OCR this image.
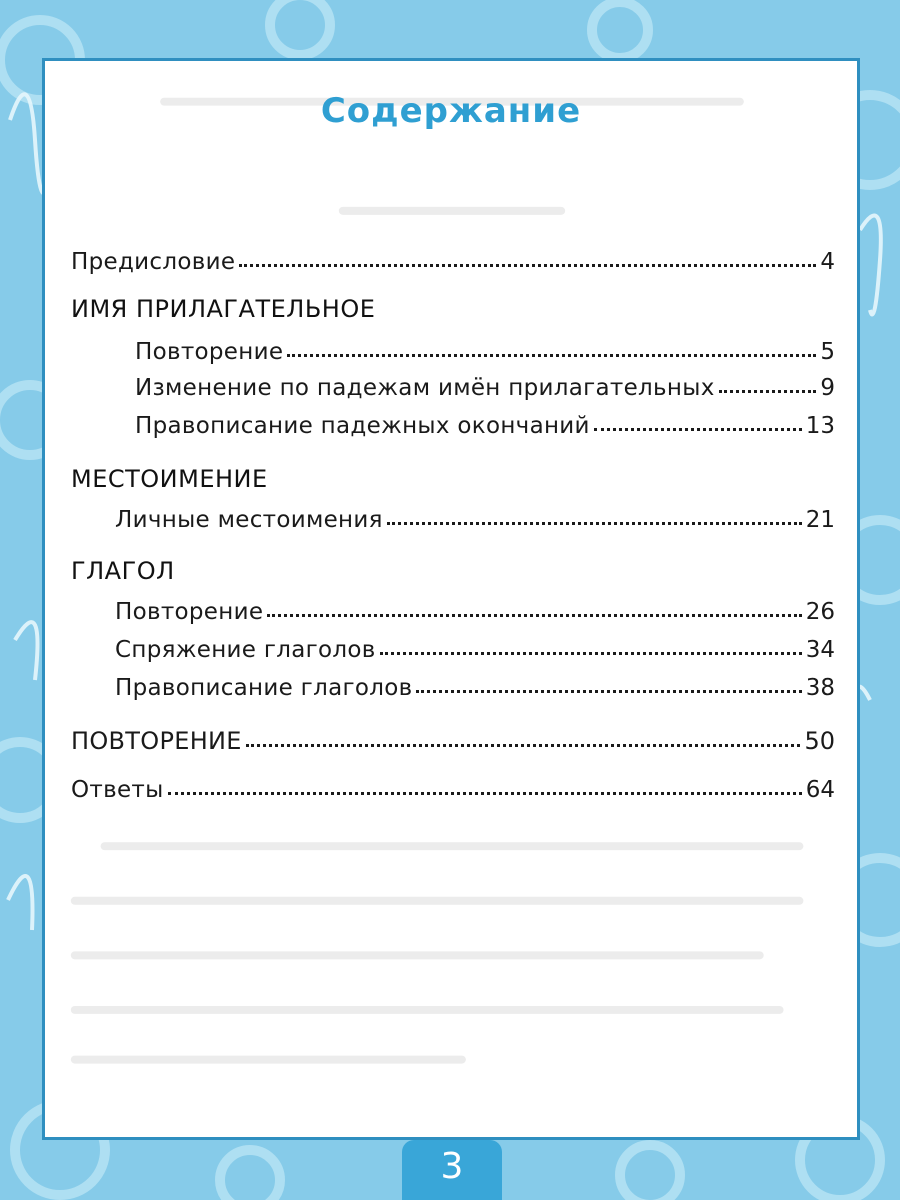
Содержание
Предисловие	4
ИМЯ ПРИЛАГАТЕЛЬНОЕ
Повторение	5
Изменение по падежам имён прилагательных	9
Правописание падежных окончаний	13
МЕСТОИМЕНИЕ
Личные местоимения	21
ГЛАГОЛ
Повторение	26
Спряжение глаголов	34
Правописание глаголов	38
ПОВТОРЕНИЕ	50
Ответы	64
3
